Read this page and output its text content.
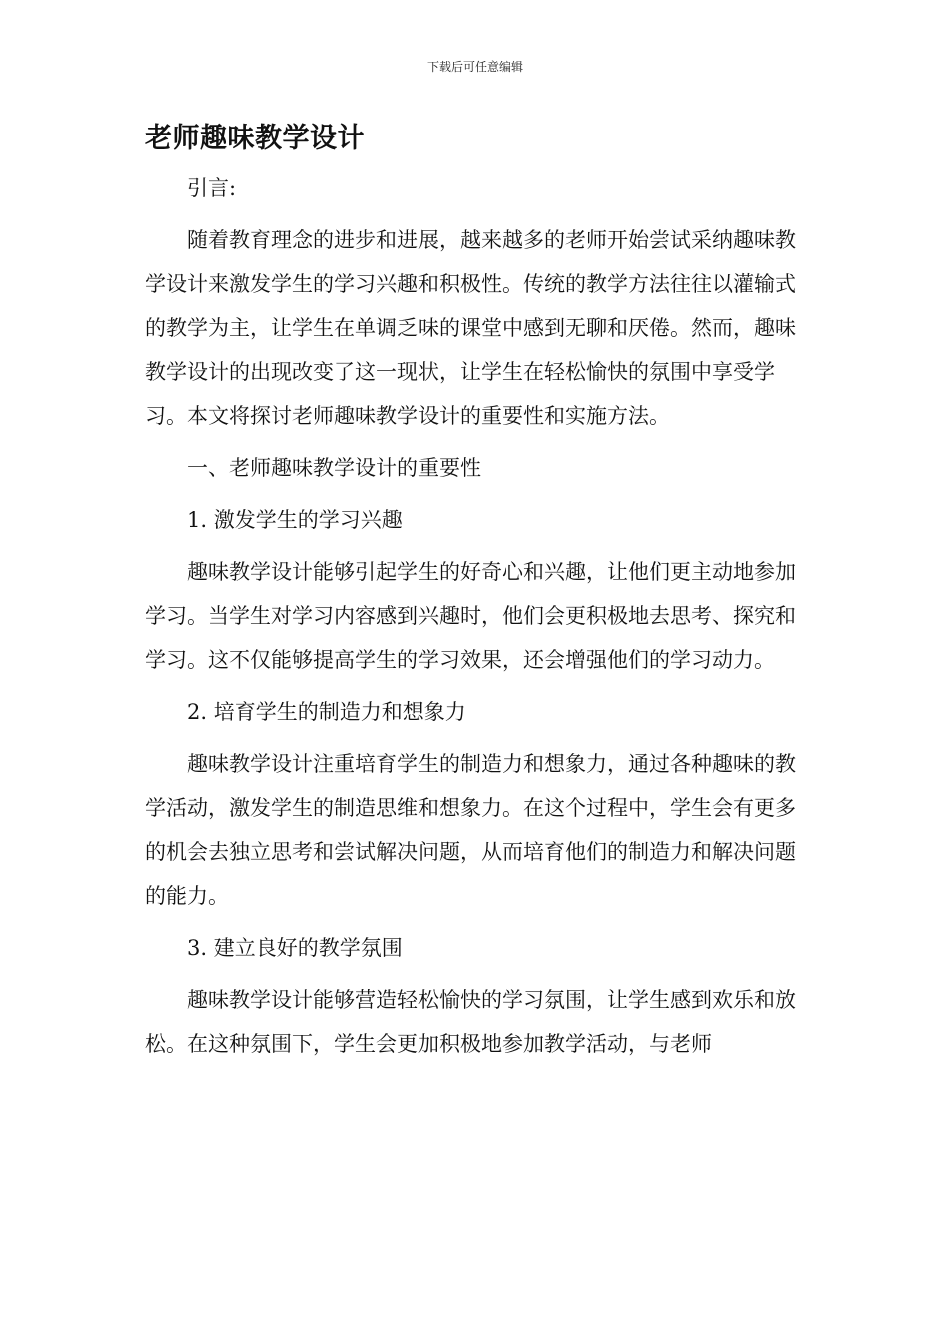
下载后可任意编辑
老师趣味教学设计

引言:

随着教育理念的进步和进展，越来越多的老师开始尝试采纳趣味教学设计来激发学生的学习兴趣和积极性。传统的教学方法往往以灌输式的教学为主，让学生在单调乏味的课堂中感到无聊和厌倦。然而，趣味教学设计的出现改变了这一现状，让学生在轻松愉快的氛围中享受学习。本文将探讨老师趣味教学设计的重要性和实施方法。

一、老师趣味教学设计的重要性

1. 激发学生的学习兴趣

趣味教学设计能够引起学生的好奇心和兴趣，让他们更主动地参加学习。当学生对学习内容感到兴趣时，他们会更积极地去思考、探究和学习。这不仅能够提高学生的学习效果，还会增强他们的学习动力。

2. 培育学生的制造力和想象力

趣味教学设计注重培育学生的制造力和想象力，通过各种趣味的教学活动，激发学生的制造思维和想象力。在这个过程中，学生会有更多的机会去独立思考和尝试解决问题，从而培育他们的制造力和解决问题的能力。

3. 建立良好的教学氛围

趣味教学设计能够营造轻松愉快的学习氛围，让学生感到欢乐和放松。在这种氛围下，学生会更加积极地参加教学活动，与老师
